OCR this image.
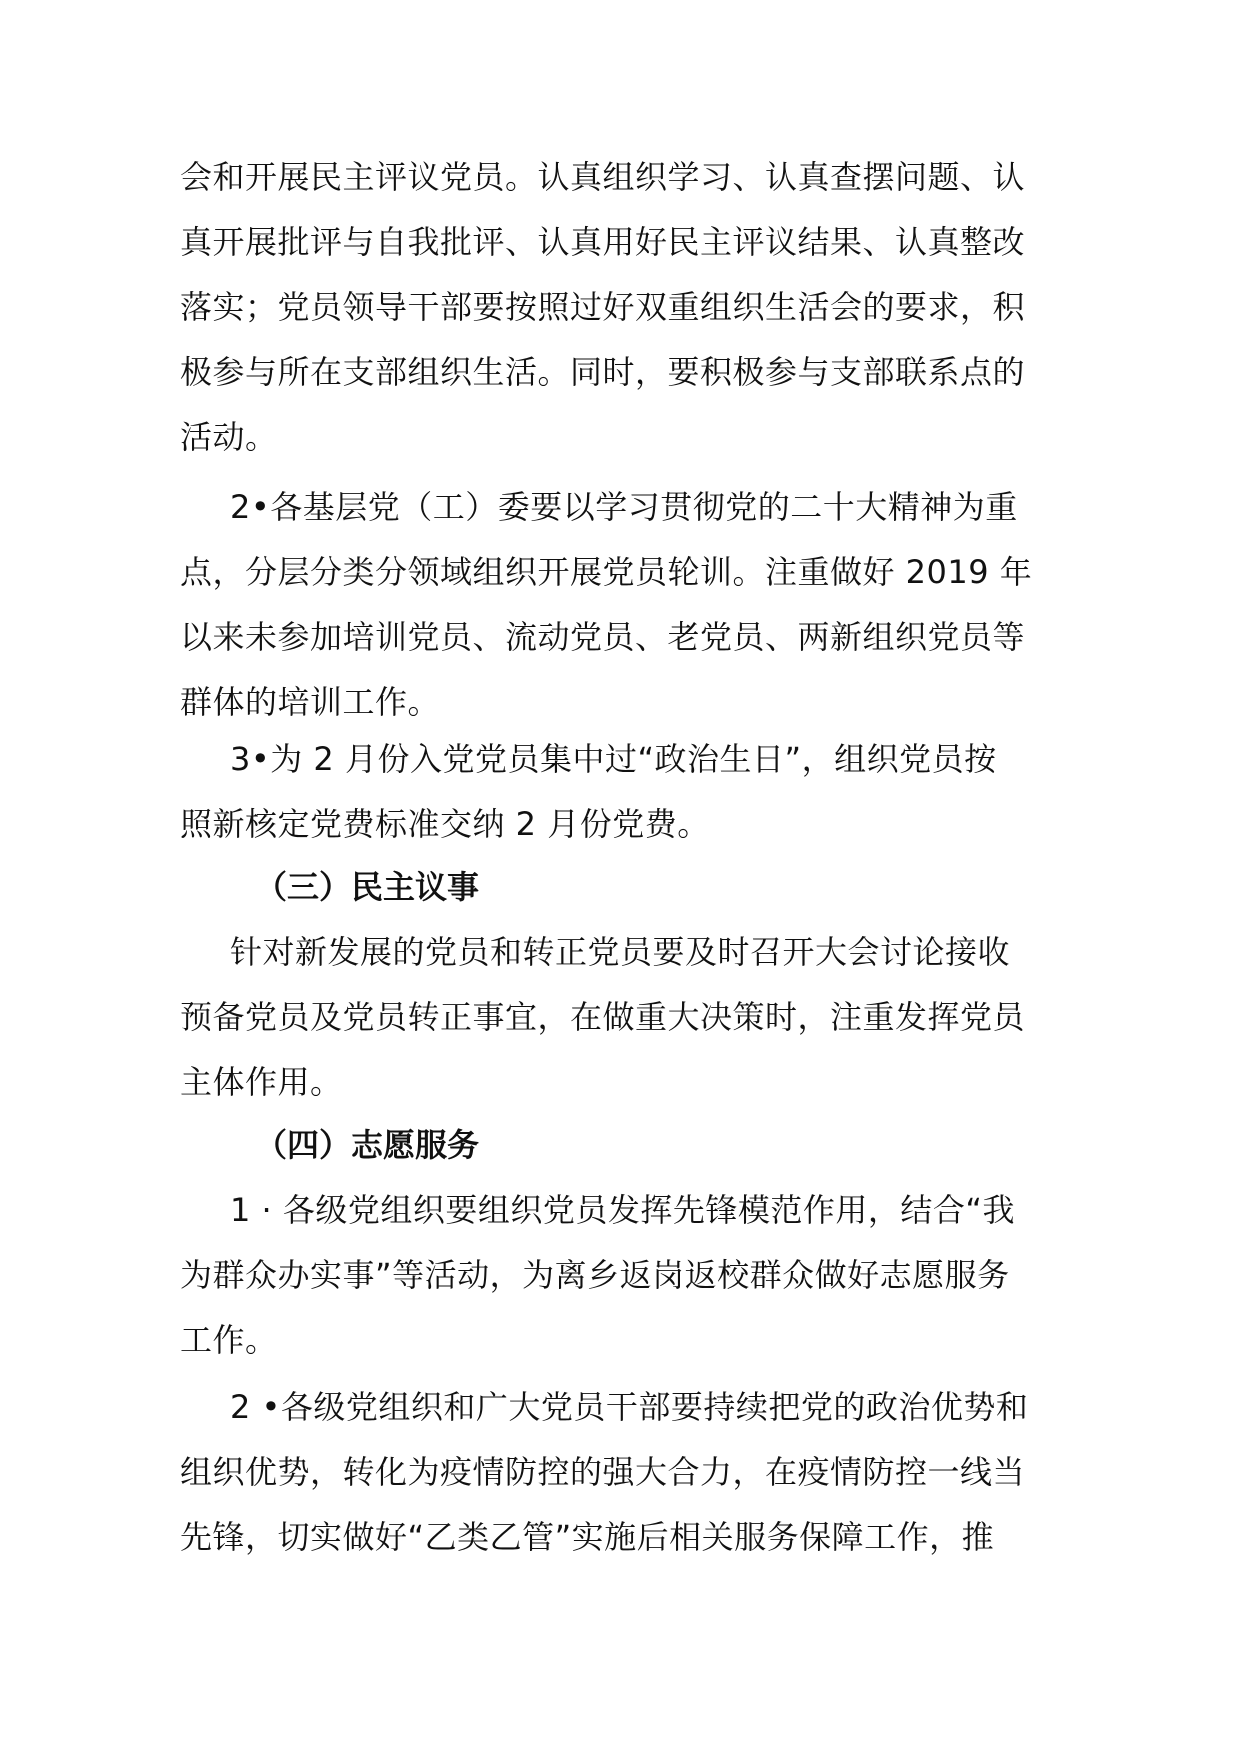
会和开展民主评议党员。认真组织学习、认真查摆问题、认
真开展批评与自我批评、认真用好民主评议结果、认真整改
落实；党员领导干部要按照过好双重组织生活会的要求，积
极参与所在支部组织生活。同时，要积极参与支部联系点的
活动。
2•各基层党（工）委要以学习贯彻党的二十大精神为重
点，分层分类分领域组织开展党员轮训。注重做好 2019 年
以来未参加培训党员、流动党员、老党员、两新组织党员等
群体的培训工作。
3•为 2 月份入党党员集中过“政治生日”，组织党员按
照新核定党费标准交纳 2 月份党费。
（三）民主议事
针对新发展的党员和转正党员要及时召开大会讨论接收
预备党员及党员转正事宜，在做重大决策时，注重发挥党员
主体作用。
（四）志愿服务
1 · 各级党组织要组织党员发挥先锋模范作用，结合“我
为群众办实事”等活动，为离乡返岗返校群众做好志愿服务
工作。
2 •各级党组织和广大党员干部要持续把党的政治优势和
组织优势，转化为疫情防控的强大合力，在疫情防控一线当
先锋，切实做好“乙类乙管”实施后相关服务保障工作，推
